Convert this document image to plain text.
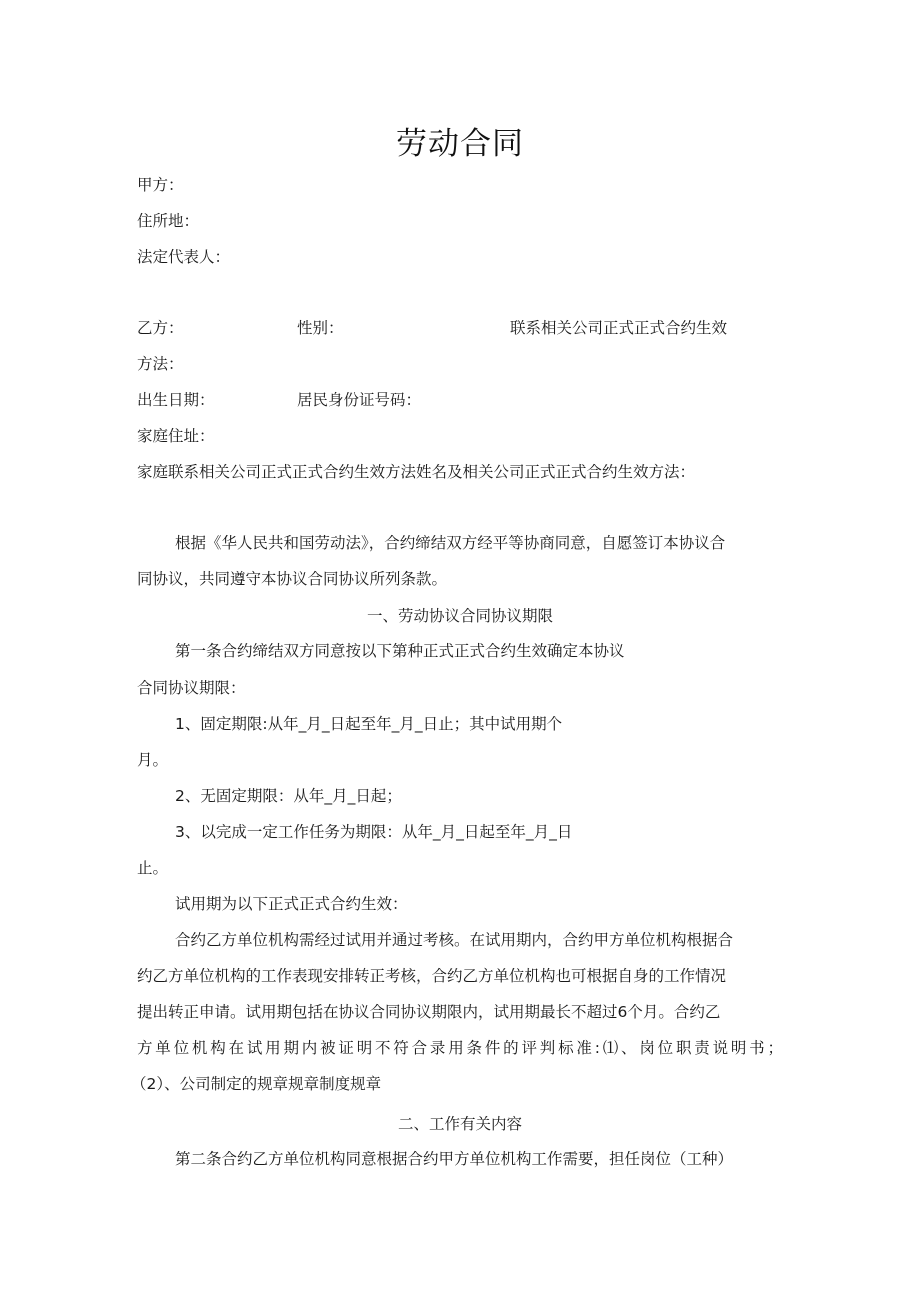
劳动合同
甲方：
住所地：
法定代表人：
乙方：	性别：	联系相关公司正式正式合约生效
方法：
出生日期：	居民身份证号码：
家庭住址：
家庭联系相关公司正式正式合约生效方法姓名及相关公司正式正式合约生效方法：
根据《华人民共和国劳动法》，合约缔结双方经平等协商同意，自愿签订本协议合
同协议，共同遵守本协议合同协议所列条款。
一、劳动协议合同协议期限
第一条合约缔结双方同意按以下第种正式正式合约生效确定本协议
合同协议期限：
1、固定期限:从年_月_日起至年_月_日止；其中试用期个
月。
2、无固定期限：从年_月_日起；
3、以完成一定工作任务为期限：从年_月_日起至年_月_日
止。
试用期为以下正式正式合约生效：
合约乙方单位机构需经过试用并通过考核。在试用期内，合约甲方单位机构根据合
约乙方单位机构的工作表现安排转正考核，合约乙方单位机构也可根据自身的工作情况
提出转正申请。试用期包括在协议合同协议期限内，试用期最长不超过6个月。合约乙
方单位机构在试用期内被证明不符合录用条件的评判标准:⑴、岗位职责说明书；
（2）、公司制定的规章规章制度规章
二、工作有关内容
第二条合约乙方单位机构同意根据合约甲方单位机构工作需要，担任岗位（工种）
